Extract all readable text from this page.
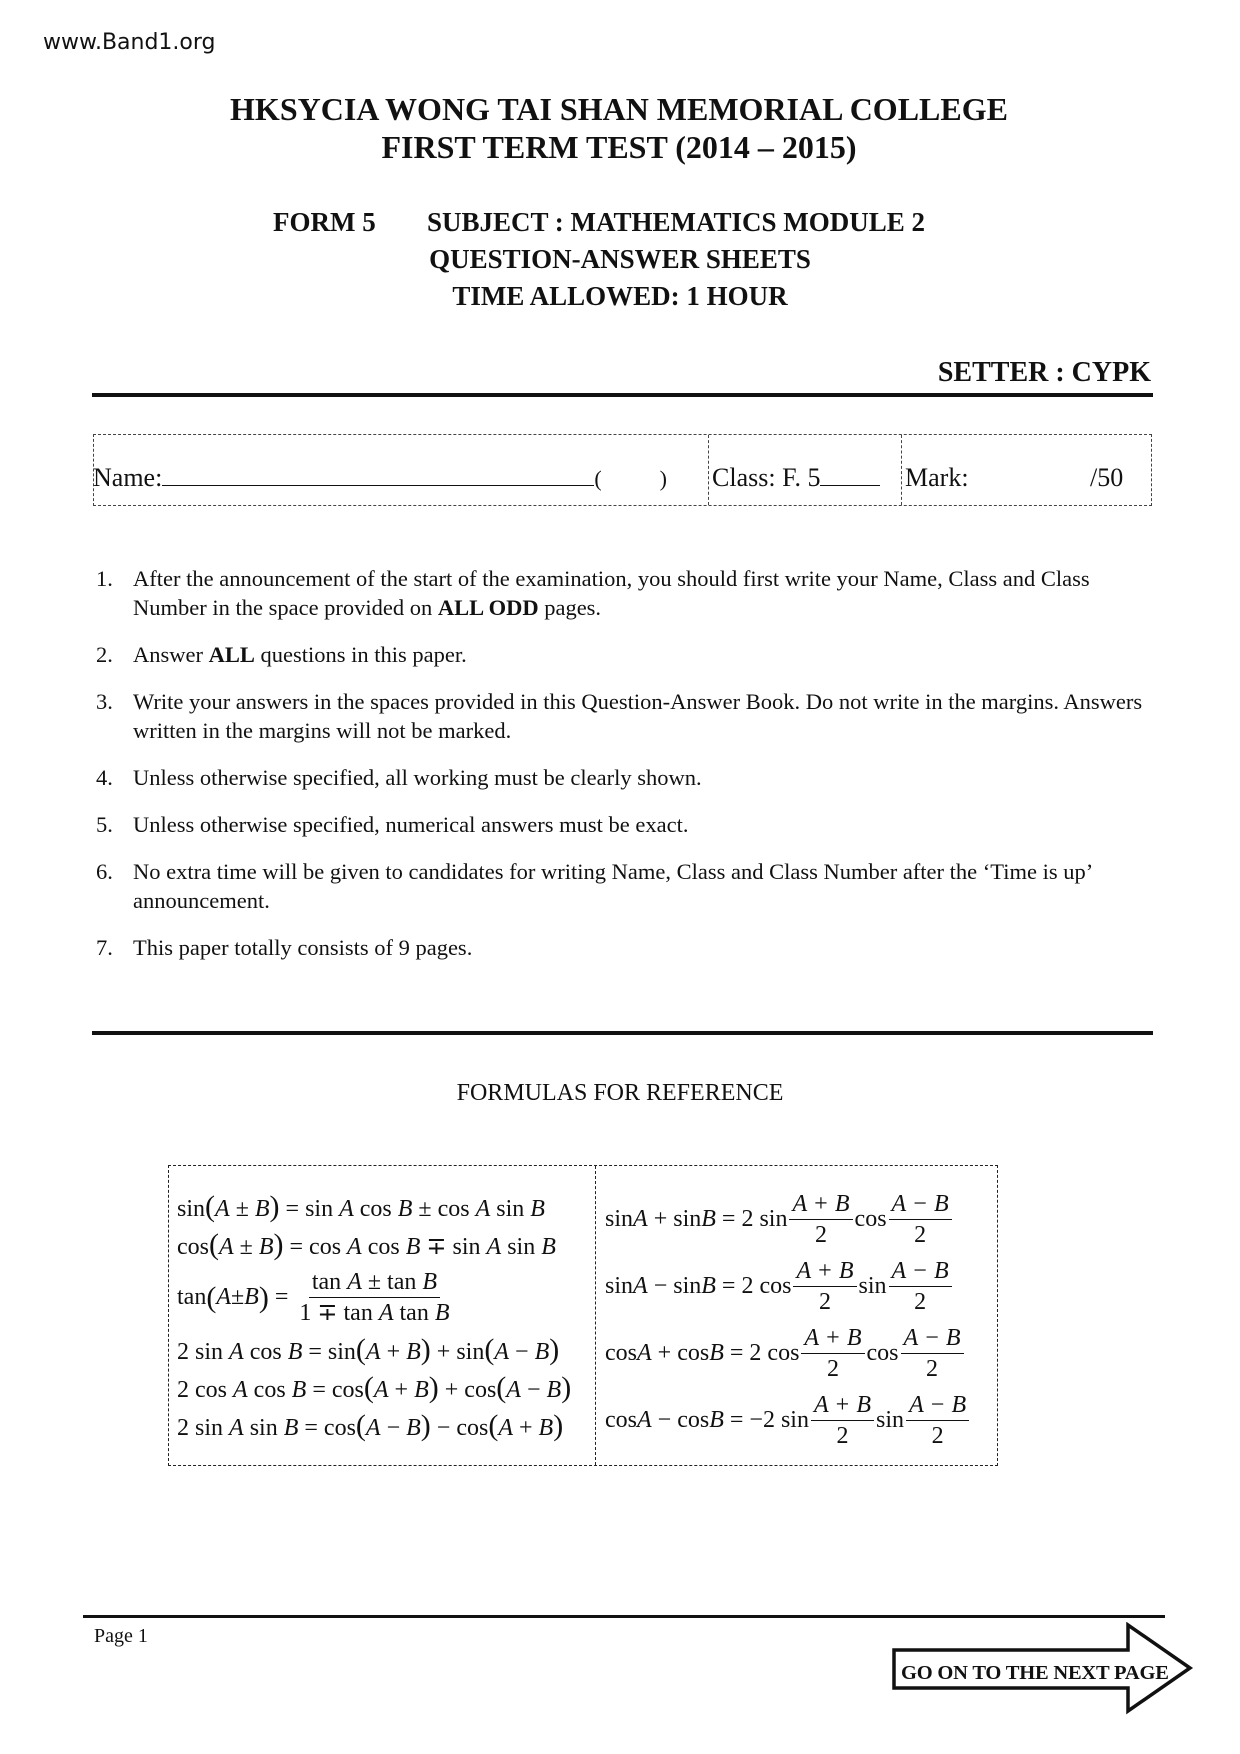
www.Band1.org
HKSYCIA WONG TAI SHAN MEMORIAL COLLEGE
FIRST TERM TEST (2014 – 2015)
FORM 5 SUBJECT : MATHEMATICS MODULE 2
QUESTION-ANSWER SHEETS
TIME ALLOWED: 1 HOUR
SETTER : CYPK
Name:	(	) Class: F. 5	Mark:	/50
1. After the announcement of the start of the examination, you should first write your Name, Class and Class Number in the space provided on ALL ODD pages.
2. Answer ALL questions in this paper.
3. Write your answers in the spaces provided in this Question-Answer Book. Do not write in the margins. Answers written in the margins will not be marked.
4. Unless otherwise specified, all working must be clearly shown.
5. Unless otherwise specified, numerical answers must be exact.
6. No extra time will be given to candidates for writing Name, Class and Class Number after the ‘Time is up’ announcement.
7. This paper totally consists of 9 pages.
FORMULAS FOR REFERENCE
sin(A ± B) = sin A cos B ± cos A sin B
cos(A ± B) = cos A cos B ∓ sin A sin B
tan ( A ± B ) = $\frac{\text{tan A ± tan B}}{\text{1 ∓ tan A tan B}}$
2 sin A cos B = sin(A + B) + sin(A − B)
2 cos A cos B = cos(A + B) + cos(A − B)
2 sin A sin B = cos(A − B) − cos(A + B)
sin A + sin B = 2 $\sin \frac{A + B}{2}$ $\cos \frac{A - B}{2}$
sin A − sin B = 2 $\cos \frac{A + B}{2}$ $\sin \frac{A - B}{2}$
cos A + cos B = 2 $\cos \frac{A + B}{2}$ $\cos \frac{A - B}{2}$
cos A − cos B = −2 $\sin \frac{A + B}{2}$ $\sin \frac{A - B}{2}$
Page 1
GO ON TO THE NEXT PAGE
